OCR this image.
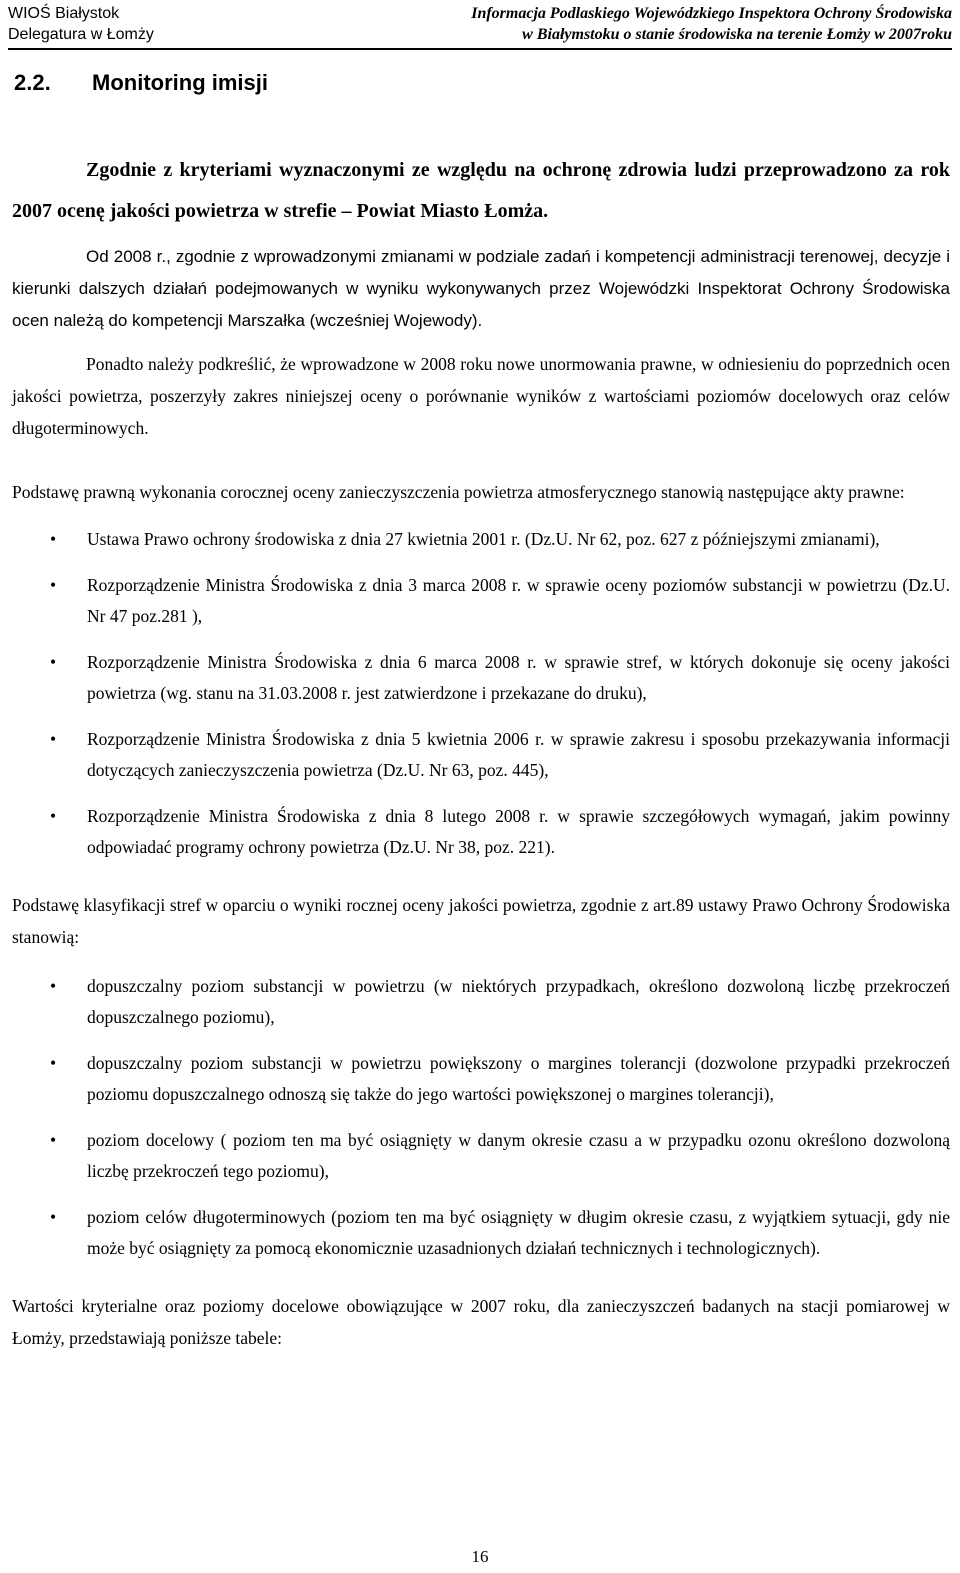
WIOŚ Białystok
Delegatura w Łomży
Informacja Podlaskiego Wojewódzkiego Inspektora Ochrony Środowiska
w Białymstoku o stanie środowiska na terenie Łomży w 2007roku
2.2. Monitoring imisji

Zgodnie z kryteriami wyznaczonymi ze względu na ochronę zdrowia ludzi przeprowadzono za rok 2007 ocenę jakości powietrza w strefie – Powiat Miasto Łomża.

Od 2008 r., zgodnie z wprowadzonymi zmianami w podziale zadań i kompetencji administracji terenowej, decyzje i kierunki dalszych działań podejmowanych w wyniku wykonywanych przez Wojewódzki Inspektorat Ochrony Środowiska ocen należą do kompetencji Marszałka (wcześniej Wojewody).

Ponadto należy podkreślić, że wprowadzone w 2008 roku nowe unormowania prawne, w odniesieniu do poprzednich ocen jakości powietrza, poszerzyły zakres niniejszej oceny o porównanie wyników z wartościami poziomów docelowych oraz celów długoterminowych.

Podstawę prawną wykonania corocznej oceny zanieczyszczenia powietrza atmosferycznego stanowią następujące akty prawne:

• Ustawa Prawo ochrony środowiska z dnia 27 kwietnia 2001 r. (Dz.U. Nr 62, poz. 627 z późniejszymi zmianami),
• Rozporządzenie Ministra Środowiska z dnia 3 marca 2008 r. w sprawie oceny poziomów substancji w powietrzu (Dz.U. Nr 47 poz.281 ),
• Rozporządzenie Ministra Środowiska z dnia 6 marca 2008 r. w sprawie stref, w których dokonuje się oceny jakości powietrza (wg. stanu na 31.03.2008 r. jest zatwierdzone i przekazane do druku),
• Rozporządzenie Ministra Środowiska z dnia 5 kwietnia 2006 r. w sprawie zakresu i sposobu przekazywania informacji dotyczących zanieczyszczenia powietrza (Dz.U. Nr 63, poz. 445),
• Rozporządzenie Ministra Środowiska z dnia 8 lutego 2008 r. w sprawie szczegółowych wymagań, jakim powinny odpowiadać programy ochrony powietrza (Dz.U. Nr 38, poz. 221).

Podstawę klasyfikacji stref w oparciu o wyniki rocznej oceny jakości powietrza, zgodnie z art.89 ustawy Prawo Ochrony Środowiska stanowią:

• dopuszczalny poziom substancji w powietrzu (w niektórych przypadkach, określono dozwoloną liczbę przekroczeń dopuszczalnego poziomu),
• dopuszczalny poziom substancji w powietrzu powiększony o margines tolerancji (dozwolone przypadki przekroczeń poziomu dopuszczalnego odnoszą się także do jego wartości powiększonej o margines tolerancji),
• poziom docelowy ( poziom ten ma być osiągnięty w danym okresie czasu a w przypadku ozonu określono dozwoloną liczbę przekroczeń tego poziomu),
• poziom celów długoterminowych (poziom ten ma być osiągnięty w długim okresie czasu, z wyjątkiem sytuacji, gdy nie może być osiągnięty za pomocą ekonomicznie uzasadnionych działań technicznych i technologicznych).

Wartości kryterialne oraz poziomy docelowe obowiązujące w 2007 roku, dla zanieczyszczeń badanych na stacji pomiarowej w Łomży, przedstawiają poniższe tabele:

16
